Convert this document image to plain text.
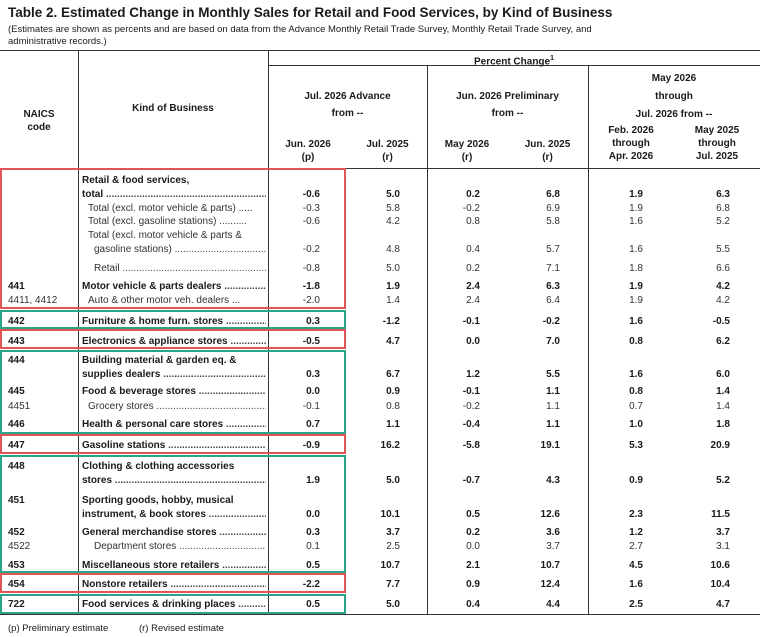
Table 2. Estimated Change in Monthly Sales for Retail and Food Services, by Kind of Business
(Estimates are shown as percents and are based on data from the Advance Monthly Retail Trade Survey, Monthly Retail Trade Survey, and administrative records.)
Percent Change$^1$
NAICS
code
Kind of Business
Jul. 2026 Advance
from --
Jun. 2026 Preliminary
from --
May 2026
through
Jul. 2026 from --
Jun. 2026
(p)
Jul. 2025
(r)
May 2026
(r)
Jun. 2025
(r)
Feb. 2026
through
Apr. 2026
May 2025
through
Jul. 2025
Retail & food services,
total .....	-0.6	5.0	0.2	6.8	1.9	6.3
Total (excl. motor vehicle & parts) .....	-0.3	5.8	-0.2	6.9	1.9	6.8
Total (excl. gasoline stations) ..........	-0.6	4.2	0.8	5.8	1.6	5.2
Total (excl. motor vehicle & parts &
gasoline stations) .....	-0.2	4.8	0.4	5.7	1.6	5.5
Retail .....	-0.8	5.0	0.2	7.1	1.8	6.6
441	Motor vehicle & parts dealers .....	-1.8	1.9	2.4	6.3	1.9	4.2
4411, 4412	Auto & other motor veh. dealers ...	-2.0	1.4	2.4	6.4	1.9	4.2
442	Furniture & home furn. stores .....	0.3	-1.2	-0.1	-0.2	1.6	-0.5
443	Electronics & appliance stores .....	-0.5	4.7	0.0	7.0	0.8	6.2
444	Building material & garden eq. &
supplies dealers .....	0.3	6.7	1.2	5.5	1.6	6.0
445	Food & beverage stores .....	0.0	0.9	-0.1	1.1	0.8	1.4
4451	Grocery stores .....	-0.1	0.8	-0.2	1.1	0.7	1.4
446	Health & personal care stores .....	0.7	1.1	-0.4	1.1	1.0	1.8
447	Gasoline stations .....	-0.9	16.2	-5.8	19.1	5.3	20.9
448	Clothing & clothing accessories
stores .....	1.9	5.0	-0.7	4.3	0.9	5.2
451	Sporting goods, hobby, musical
instrument, & book stores .....	0.0	10.1	0.5	12.6	2.3	11.5
452	General merchandise stores .....	0.3	3.7	0.2	3.6	1.2	3.7
4522	Department stores .....	0.1	2.5	0.0	3.7	2.7	3.1
453	Miscellaneous store retailers .....	0.5	10.7	2.1	10.7	4.5	10.6
454	Nonstore retailers .....	-2.2	7.7	0.9	12.4	1.6	10.4
722	Food services & drinking places .....	0.5	5.0	0.4	4.4	2.5	4.7
(p) Preliminary estimate	(r) Revised estimate
